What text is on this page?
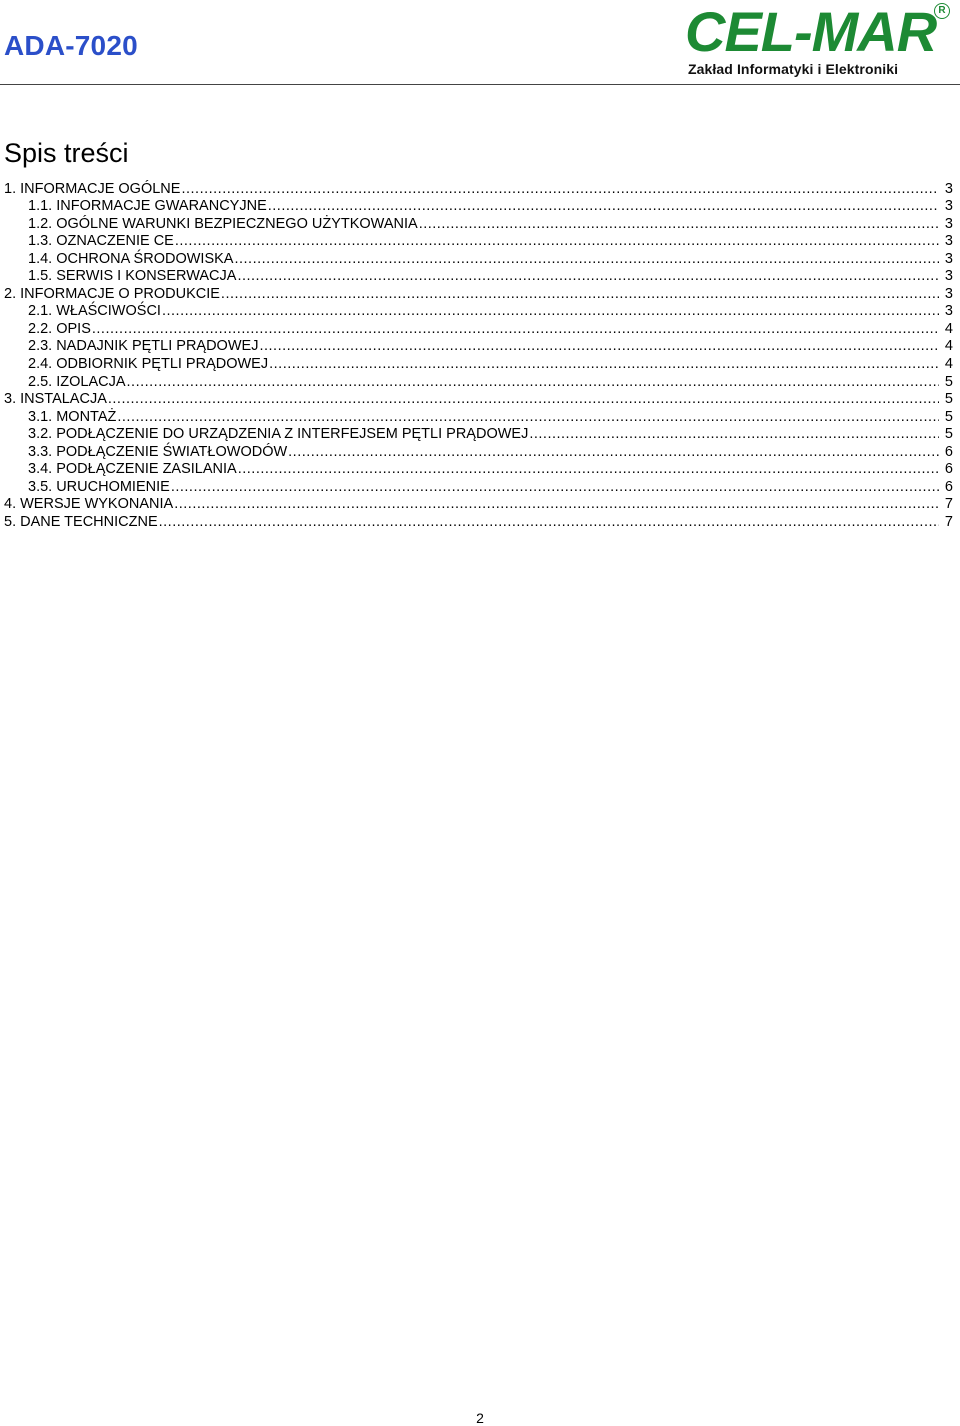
ADA-7020	CEL-MAR R
Zakład Informatyki i Elektroniki
Spis treści
1. INFORMACJE OGÓLNE .....	3
1.1. INFORMACJE GWARANCYJNE .....	3
1.2. OGÓLNE WARUNKI BEZPIECZNEGO UŻYTKOWANIA .....	3
1.3. OZNACZENIE CE .....	3
1.4. OCHRONA ŚRODOWISKA .....	3
1.5. SERWIS I KONSERWACJA .....	3
2. INFORMACJE O PRODUKCIE .....	3
2.1. WŁAŚCIWOŚCI .....	3
2.2. OPIS .....	4
2.3. NADAJNIK PĘTLI PRĄDOWEJ .....	4
2.4. ODBIORNIK PĘTLI PRĄDOWEJ .....	4
2.5. IZOLACJA .....	5
3. INSTALACJA .....	5
3.1. MONTAŻ .....	5
3.2. PODŁĄCZENIE DO URZĄDZENIA Z INTERFEJSEM PĘTLI PRĄDOWEJ .....	5
3.3. PODŁĄCZENIE ŚWIATŁOWODÓW .....	6
3.4. PODŁĄCZENIE ZASILANIA .....	6
3.5. URUCHOMIENIE .....	6
4. WERSJE WYKONANIA .....	7
5. DANE TECHNICZNE .....	7
2
